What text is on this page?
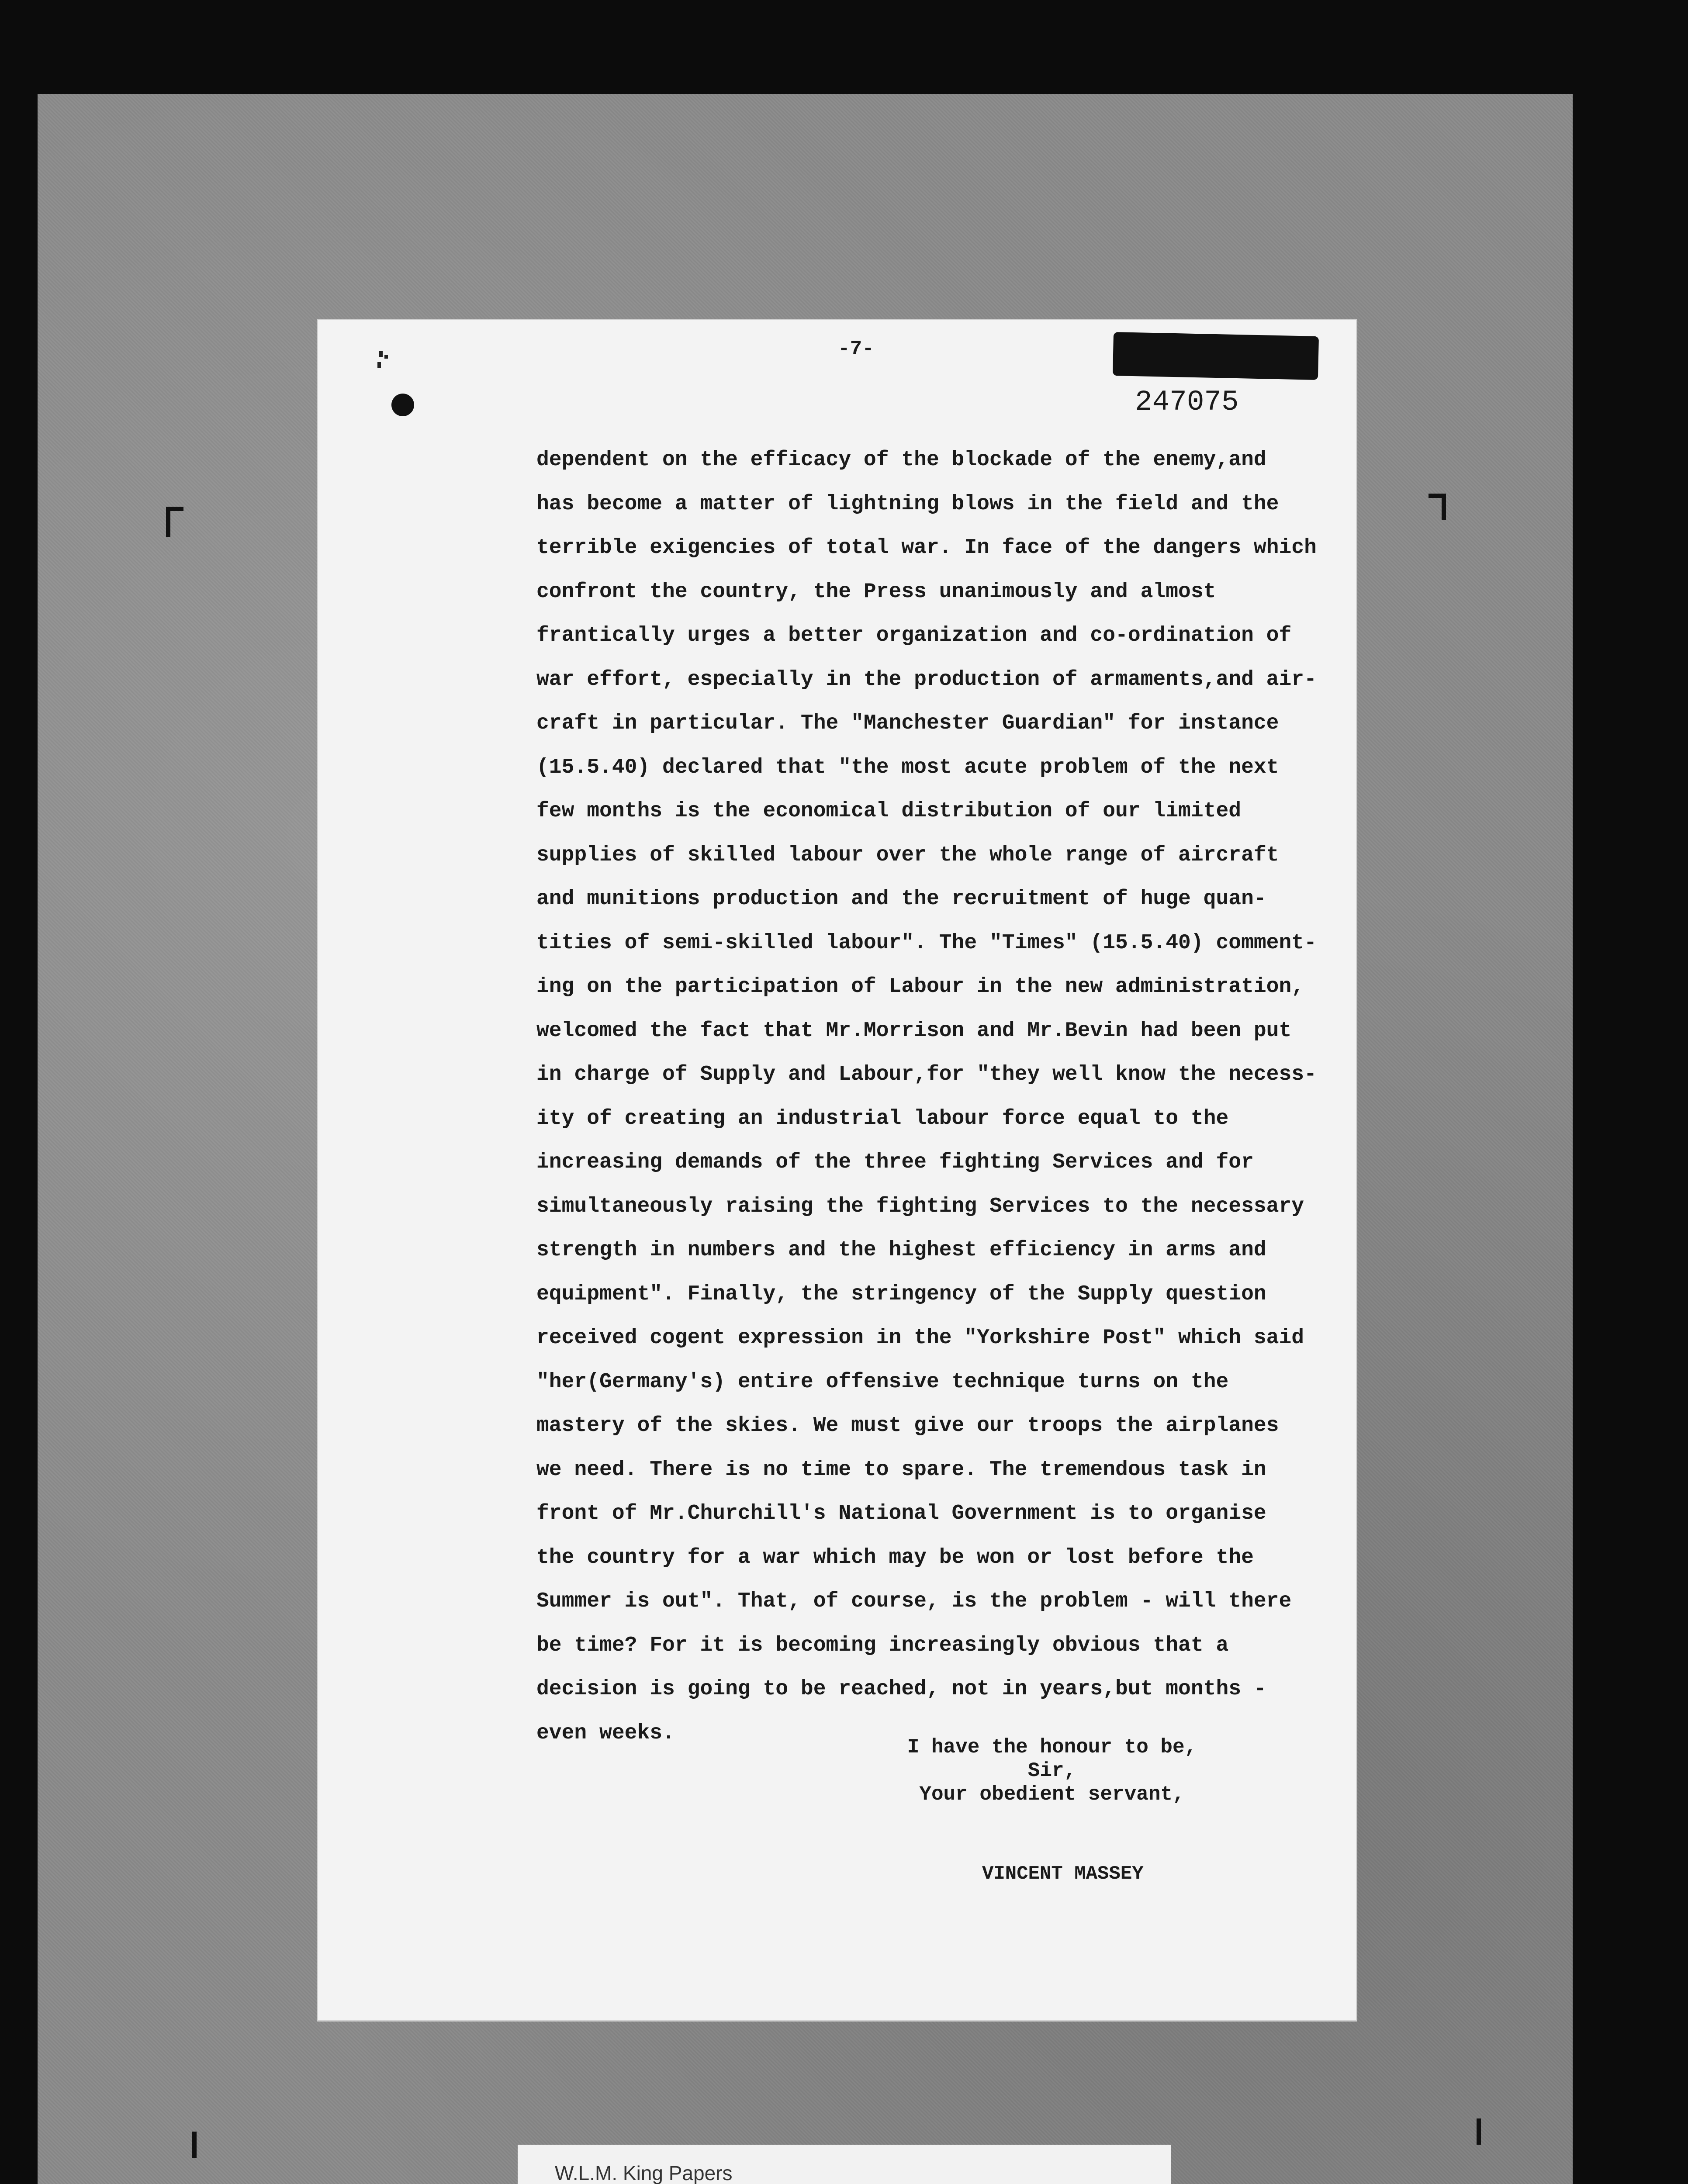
-7-
247075
dependent on the efficacy of the blockade of the enemy,and
has become a matter of lightning blows in the field and the
terrible exigencies of total war. In face of the dangers which
confront the country, the Press unanimously and almost
frantically urges a better organization and co-ordination of
war effort, especially in the production of armaments,and air-
craft in particular. The "Manchester Guardian" for instance
(15.5.40) declared that "the most acute problem of the next
few months is the economical distribution of our limited
supplies of skilled labour over the whole range of aircraft
and munitions production and the recruitment of huge quan-
tities of semi-skilled labour". The "Times" (15.5.40) comment-
ing on the participation of Labour in the new administration,
welcomed the fact that Mr.Morrison and Mr.Bevin had been put
in charge of Supply and Labour,for "they well know the necess-
ity of creating an industrial labour force equal to the
increasing demands of the three fighting Services and for
simultaneously raising the fighting Services to the necessary
strength in numbers and the highest efficiency in arms and
equipment". Finally, the stringency of the Supply question
received cogent expression in the "Yorkshire Post" which said
"her(Germany's) entire offensive technique turns on the
mastery of the skies. We must give our troops the airplanes
we need. There is no time to spare. The tremendous task in
front of Mr.Churchill's National Government is to organise
the country for a war which may be won or lost before the
Summer is out". That, of course, is the problem - will there
be time? For it is becoming increasingly obvious that a
decision is going to be reached, not in years,but months -
even weeks.
I have the honour to be,
Sir,
Your obedient servant,
VINCENT MASSEY
W.L.M. King Papers
